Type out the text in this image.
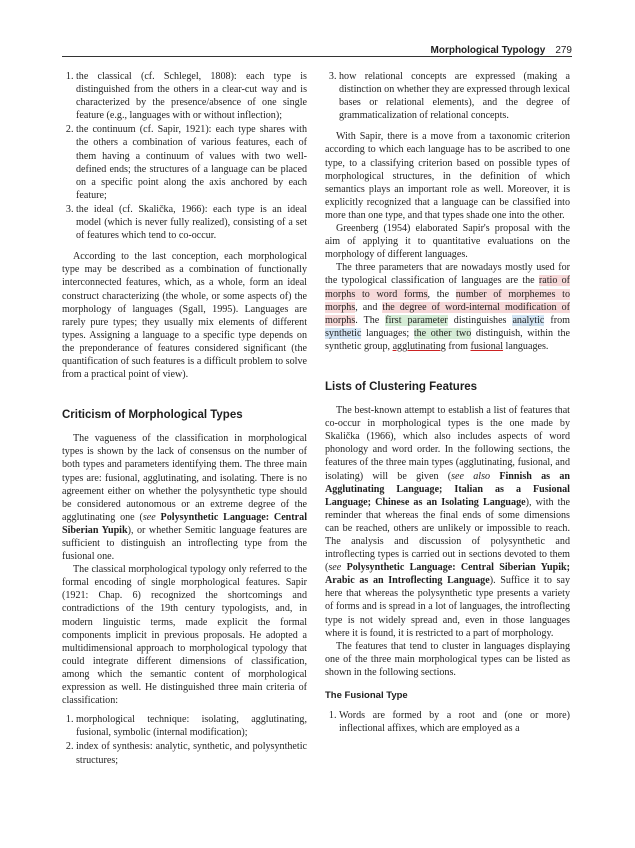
Morphological Typology 279
1. the classical (cf. Schlegel, 1808): each type is distinguished from the others in a clear-cut way and is characterized by the presence/absence of one single feature (e.g., languages with or without inflection);
2. the continuum (cf. Sapir, 1921): each type shares with the others a combination of various features, each of them having a continuum of values with two well-defined ends; the structures of a language can be placed on a specific point along the axis anchored by each feature;
3. the ideal (cf. Skalička, 1966): each type is an ideal model (which is never fully realized), consisting of a set of features which tend to co-occur.

According to the last conception, each morphological type may be described as a combination of functionally interconnected features, which, as a whole, form an ideal construct characterizing (the whole, or some aspects of) the morphology of languages (Sgall, 1995). Languages are rarely pure types; they usually mix elements of different types. Assigning a language to a specific type depends on the preponderance of features considered significant (the quantification of such features is a difficult problem to solve from a practical point of view).

Criticism of Morphological Types

The vagueness of the classification in morphological types is shown by the lack of consensus on the number of both types and parameters identifying them. The three main types are: fusional, agglutinating, and isolating. There is no agreement either on whether the polysynthetic type should be considered autonomous or an extreme degree of the agglutinating one (see Polysynthetic Language: Central Siberian Yupik), or whether Semitic language features are sufficient to distinguish an introflecting type from the fusional one.

The classical morphological typology only referred to the formal encoding of single morphological features. Sapir (1921: Chap. 6) recognized the shortcomings and contradictions of the 19th century typologists, and, in modern linguistic terms, made explicit the formal components implicit in previous proposals. He adopted a multidimensional approach to morphological typology that could integrate different dimensions of classification, among which the semantic content of morphological expression as well. He distinguished three main criteria of classification:

1. morphological technique: isolating, agglutinating, fusional, symbolic (internal modification);
2. index of synthesis: analytic, synthetic, and polysynthetic structures;
3. how relational concepts are expressed (making a distinction on whether they are expressed through lexical bases or relational elements), and the degree of grammaticalization of relational concepts.

With Sapir, there is a move from a taxonomic criterion according to which each language has to be ascribed to one type, to a classifying criterion based on possible types of morphological structures, in the definition of which semantics plays an important role as well. Moreover, it is explicitly recognized that a language can be classified into more than one type, and that types shade one into the other.

Greenberg (1954) elaborated Sapir's proposal with the aim of applying it to quantitative evaluations on the morphology of different languages.

The three parameters that are nowadays mostly used for the typological classification of languages are the ratio of morphs to word forms, the number of morphemes to morphs, and the degree of word-internal modification of morphs. The first parameter distinguishes analytic from synthetic languages; the other two distinguish, within the synthetic group, agglutinating from fusional languages.

Lists of Clustering Features

The best-known attempt to establish a list of features that co-occur in morphological types is the one made by Skalička (1966), which also includes aspects of word phonology and word order. In the following sections, the features of the three main types (agglutinating, fusional, and isolating) will be given (see also Finnish as an Agglutinating Language; Italian as a Fusional Language; Chinese as an Isolating Language), with the reminder that whereas the final ends of some dimensions can be reached, others are unlikely or impossible to reach. The analysis and discussion of polysynthetic and introflecting types is carried out in sections devoted to them (see Polysynthetic Language: Central Siberian Yupik; Arabic as an Introflecting Language). Suffice it to say here that whereas the polysynthetic type presents a variety of forms and is spread in a lot of languages, the introflecting type is not widely spread and, even in those languages where it is found, it is restricted to a part of morphology.

The features that tend to cluster in languages displaying one of the three main morphological types can be listed as shown in the following sections.

The Fusional Type
1. Words are formed by a root and (one or more) inflectional affixes, which are employed as a
